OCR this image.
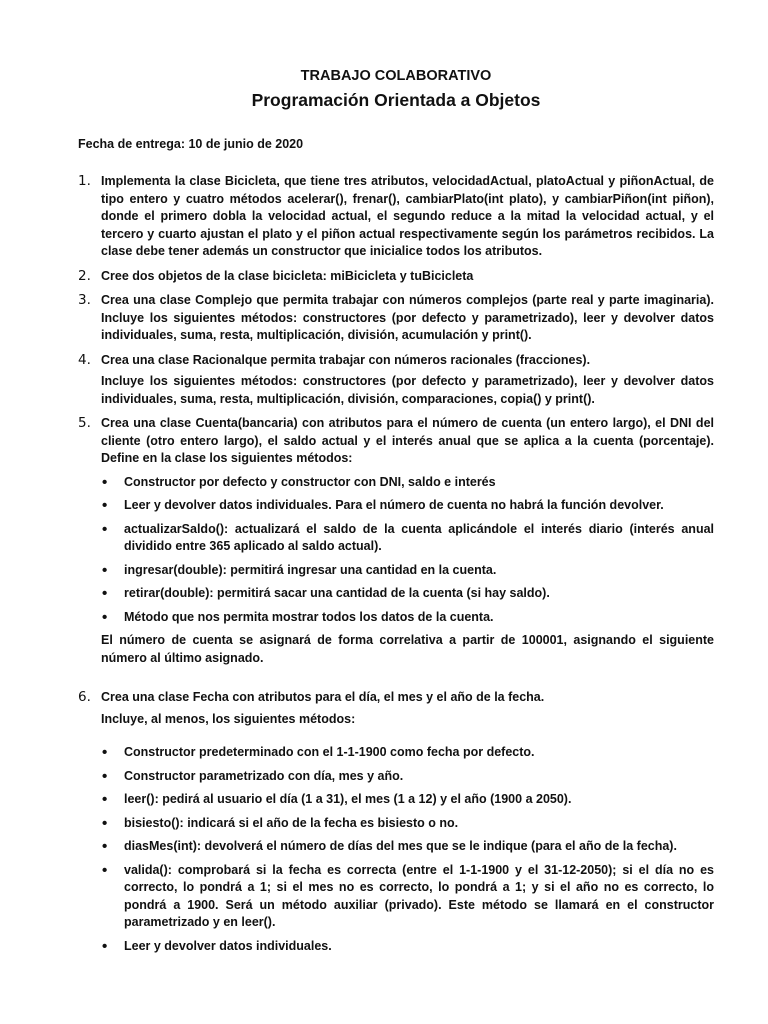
TRABAJO COLABORATIVO
Programación Orientada a Objetos
Fecha de entrega: 10 de junio de 2020
1. Implementa la clase Bicicleta, que tiene tres atributos, velocidadActual, platoActual y piñonActual, de tipo entero y cuatro métodos acelerar(), frenar(), cambiarPlato(int plato), y cambiarPiñon(int piñon), donde el primero dobla la velocidad actual, el segundo reduce a la mitad la velocidad actual, y el tercero y cuarto ajustan el plato y el piñon actual respectivamente según los parámetros recibidos. La clase debe tener además un constructor que inicialice todos los atributos.

2. Cree dos objetos de la clase bicicleta: miBicicleta y tuBicicleta

3. Crea una clase Complejo que permita trabajar con números complejos (parte real y parte imaginaria). Incluye los siguientes métodos: constructores (por defecto y parametrizado), leer y devolver datos individuales, suma, resta, multiplicación, división, acumulación y print().

4. Crea una clase Racionalque permita trabajar con números racionales (fracciones).

Incluye los siguientes métodos: constructores (por defecto y parametrizado), leer y devolver datos individuales, suma, resta, multiplicación, división, comparaciones, copia() y print().

5. Crea una clase Cuenta(bancaria) con atributos para el número de cuenta (un entero largo), el DNI del cliente (otro entero largo), el saldo actual y el interés anual que se aplica a la cuenta (porcentaje). Define en la clase los siguientes métodos:

• Constructor por defecto y constructor con DNI, saldo e interés
• Leer y devolver datos individuales. Para el número de cuenta no habrá la función devolver.
• actualizarSaldo(): actualizará el saldo de la cuenta aplicándole el interés diario (interés anual dividido entre 365 aplicado al saldo actual).
• ingresar(double): permitirá ingresar una cantidad en la cuenta.
• retirar(double): permitirá sacar una cantidad de la cuenta (si hay saldo).
• Método que nos permita mostrar todos los datos de la cuenta.

El número de cuenta se asignará de forma correlativa a partir de 100001, asignando el siguiente número al último asignado.

6. Crea una clase Fecha con atributos para el día, el mes y el año de la fecha.

Incluye, al menos, los siguientes métodos:

• Constructor predeterminado con el 1-1-1900 como fecha por defecto.
• Constructor parametrizado con día, mes y año.
• leer(): pedirá al usuario el día (1 a 31), el mes (1 a 12) y el año (1900 a 2050).
• bisiesto(): indicará si el año de la fecha es bisiesto o no.
• diasMes(int): devolverá el número de días del mes que se le indique (para el año de la fecha).
• valida(): comprobará si la fecha es correcta (entre el 1-1-1900 y el 31-12-2050); si el día no es correcto, lo pondrá a 1; si el mes no es correcto, lo pondrá a 1; y si el año no es correcto, lo pondrá a 1900. Será un método auxiliar (privado). Este método se llamará en el constructor parametrizado y en leer().
• Leer y devolver datos individuales.
